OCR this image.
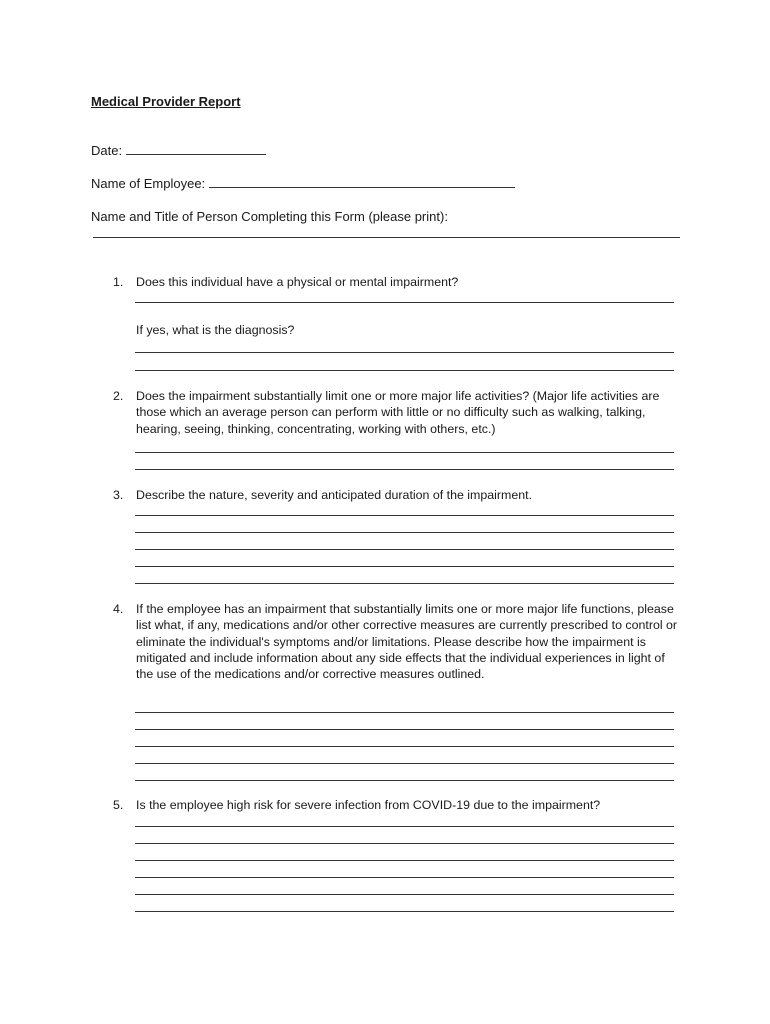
Medical Provider Report
Date:
Name of Employee:
Name and Title of Person Completing this Form (please print):
1. Does this individual have a physical or mental impairment?
If yes, what is the diagnosis?
2. Does the impairment substantially limit one or more major life activities? (Major life activities are those which an average person can perform with little or no difficulty such as walking, talking, hearing, seeing, thinking, concentrating, working with others, etc.)
3. Describe the nature, severity and anticipated duration of the impairment.
4. If the employee has an impairment that substantially limits one or more major life functions, please list what, if any, medications and/or other corrective measures are currently prescribed to control or eliminate the individual's symptoms and/or limitations. Please describe how the impairment is mitigated and include information about any side effects that the individual experiences in light of the use of the medications and/or corrective measures outlined.
5. Is the employee high risk for severe infection from COVID-19 due to the impairment?
